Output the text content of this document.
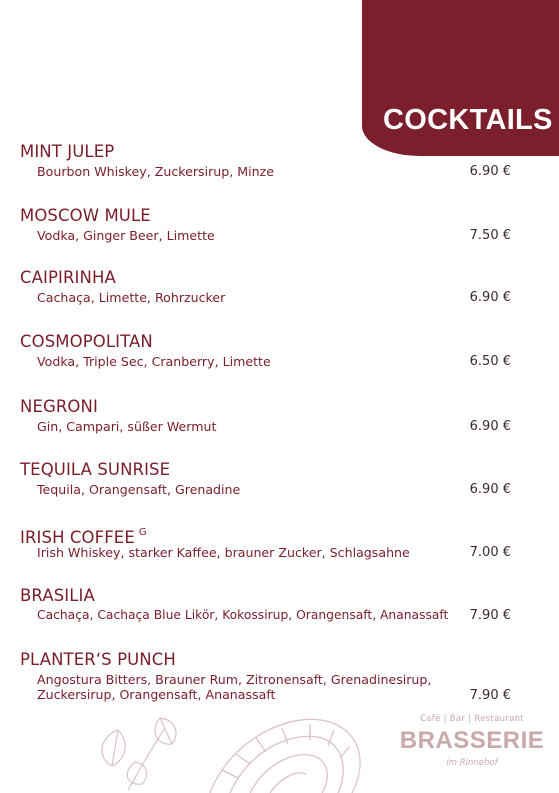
COCKTAILS
MINT JULEP
Bourbon Whiskey, Zuckersirup, Minze	6.90 €
MOSCOW MULE
Vodka, Ginger Beer, Limette	7.50 €
CAIPIRINHA
Cachaça, Limette, Rohrzucker	6.90 €
COSMOPOLITAN
Vodka, Triple Sec, Cranberry, Limette	6.50 €
NEGRONI
Gin, Campari, süßer Wermut	6.90 €
TEQUILA SUNRISE
Tequila, Orangensaft, Grenadine	6.90 €
IRISH COFFEE $^G$
Irish Whiskey, starker Kaffee, brauner Zucker, Schlagsahne	7.00 €
BRASILIA
Cachaça, Cachaça Blue Likör, Kokossirup, Orangensaft, Ananassaft	7.90 €
PLANTER‘S PUNCH
Angostura Bitters, Brauner Rum, Zitronensaft, Grenadinesirup,
Zuckersirup, Orangensaft, Ananassaft	7.90 €
Café | Bar | Restaurant
BRASSERIE
im Rinnehof
